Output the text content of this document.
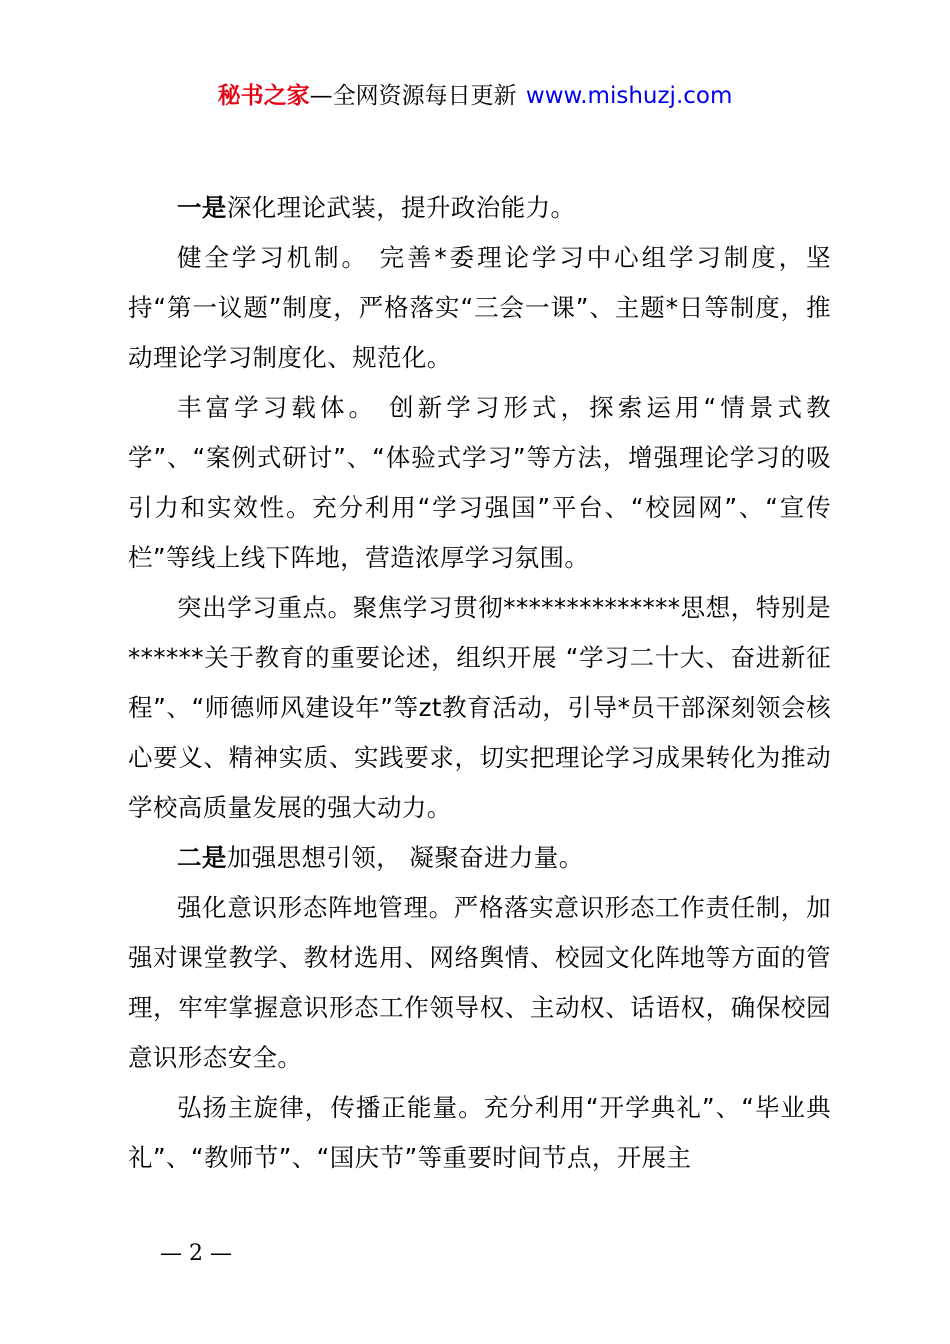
秘书之家—全网资源每日更新 www.mishuzj.com

一是深化理论武装，提升政治能力。

健全学习机制。 完善*委理论学习中心组学习制度，坚持“第一议题”制度，严格落实“三会一课”、主题*日等制度，推动理论学习制度化、规范化。

丰富学习载体。 创新学习形式，探索运用“情景式教学”、“案例式研讨”、“体验式学习”等方法，增强理论学习的吸引力和实效性。充分利用“学习强国”平台、“校园网”、“宣传栏”等线上线下阵地，营造浓厚学习氛围。

突出学习重点。聚焦学习贯彻**************思想，特别是******关于教育的重要论述，组织开展 “学习二十大、奋进新征程”、“师德师风建设年”等zt教育活动，引导*员干部深刻领会核心要义、精神实质、实践要求，切实把理论学习成果转化为推动学校高质量发展的强大动力。

二是加强思想引领， 凝聚奋进力量。

强化意识形态阵地管理。严格落实意识形态工作责任制，加强对课堂教学、教材选用、网络舆情、校园文化阵地等方面的管理，牢牢掌握意识形态工作领导权、主动权、话语权，确保校园意识形态安全。

弘扬主旋律，传播正能量。充分利用“开学典礼”、“毕业典礼”、“教师节”、“国庆节”等重要时间节点，开展主

— 2 —
